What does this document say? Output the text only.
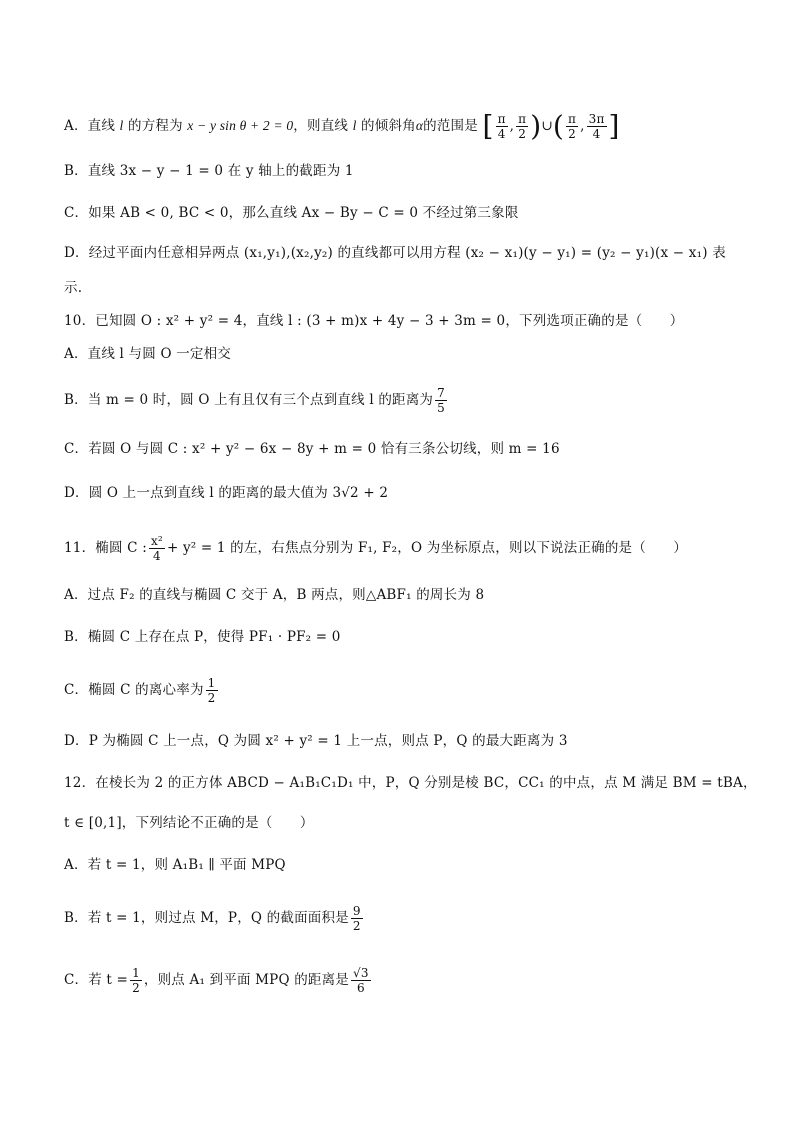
A．直线 l 的方程为 x − y sin θ + 2 = 0，则直线 l 的倾斜角α的范围是 [ $\frac{\pi}{4}$ , $\frac{\pi}{2}$ )∪( $\frac{\pi}{2}$ , $\frac{3\pi}{4}$ ]
B．直线 3x − y − 1 = 0 在 y 轴上的截距为 1
C．如果 AB < 0, BC < 0，那么直线 Ax − By − C = 0 不经过第三象限
D．经过平面内任意相异两点 (x₁,y₁),(x₂,y₂) 的直线都可以用方程 (x₂ − x₁)(y − y₁) = (y₂ − y₁)(x − x₁) 表
示.
10．已知圆 O : x² + y² = 4，直线 l : (3 + m)x + 4y − 3 + 3m = 0，下列选项正确的是（　　）
A．直线 l 与圆 O 一定相交
B．当 m = 0 时，圆 O 上有且仅有三个点到直线 l 的距离为 $\frac{7}{5}$
C．若圆 O 与圆 C : x² + y² − 6x − 8y + m = 0 恰有三条公切线，则 m = 16
D．圆 O 上一点到直线 l 的距离的最大值为 3√2 + 2
11．椭圆 C : $\frac{\text{x²}}{4} + y^2 = 1$ 的左，右焦点分别为 F₁, F₂，O 为坐标原点，则以下说法正确的是（　　）
A．过点 F₂ 的直线与椭圆 C 交于 A，B 两点，则△ABF₁ 的周长为 8
B．椭圆 C 上存在点 P，使得 PF₁ · PF₂ = 0
C．椭圆 C 的离心率为 $\frac{1}{2}$
D．P 为椭圆 C 上一点，Q 为圆 x² + y² = 1 上一点，则点 P，Q 的最大距离为 3
12．在棱长为 2 的正方体 ABCD − A₁B₁C₁D₁ 中，P，Q 分别是棱 BC，CC₁ 的中点，点 M 满足 BM = tBA，
t ∈ [0,1]，下列结论不正确的是（　　）
A．若 t = 1，则 A₁B₁ ∥ 平面 MPQ
B．若 t = 1，则过点 M，P，Q 的截面面积是 $\frac{9}{2}$
C．若 $t = \frac{1}{2}$ ，则点 A₁ 到平面 MPQ 的距离是 $\frac{√3}{6}$
